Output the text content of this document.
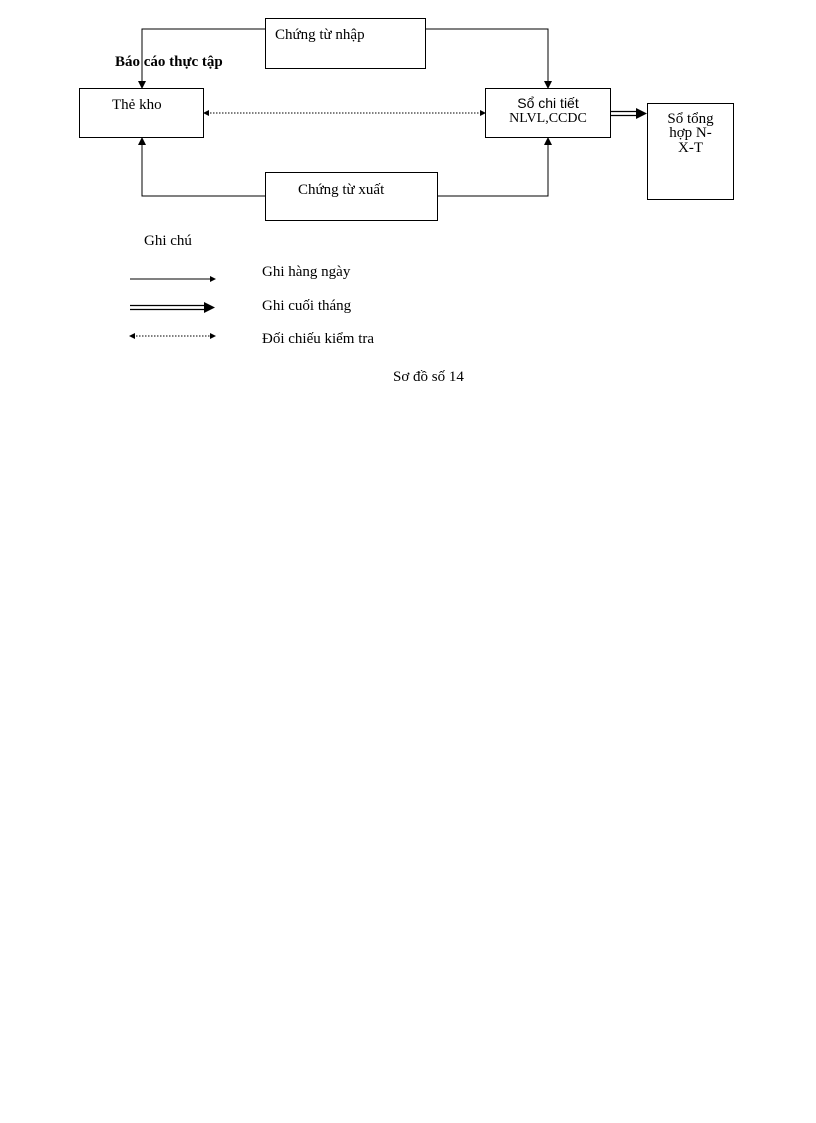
Chứng từ nhập
Báo cáo thực tập
Thẻ kho	Sổ chi tiết
NLVL,CCDC	Sổ tổng
hợp N-
X-T
Chứng từ xuất
Ghi chú
Ghi hàng ngày
Ghi cuối tháng
Đối chiếu kiểm tra
Sơ đồ số 14
